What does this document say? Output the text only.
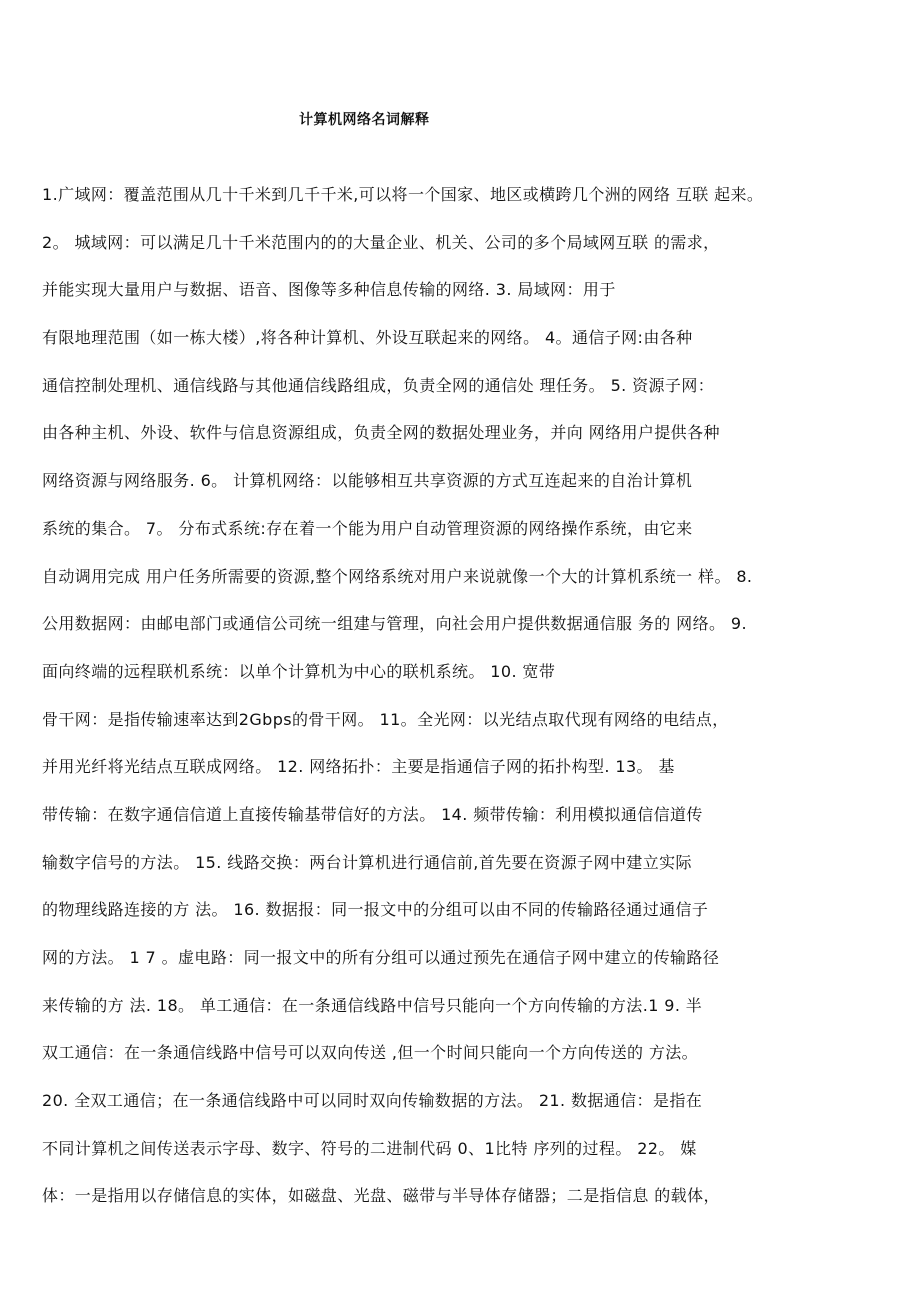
计算机网络名词解释
1.广域网：覆盖范围从几十千米到几千千米,可以将一个国家、地区或横跨几个洲的网络 互联 起来。
2。 城域网：可以满足几十千米范围内的的大量企业、机关、公司的多个局域网互联 的需求，
并能实现大量用户与数据、语音、图像等多种信息传输的网络. 3. 局域网：用于
有限地理范围（如一栋大楼）,将各种计算机、外设互联起来的网络。 4。通信子网:由各种
通信控制处理机、通信线路与其他通信线路组成，负责全网的通信处 理任务。 5. 资源子网：
由各种主机、外设、软件与信息资源组成，负责全网的数据处理业务，并向 网络用户提供各种
网络资源与网络服务. 6。 计算机网络：以能够相互共享资源的方式互连起来的自治计算机
系统的集合。 7。 分布式系统:存在着一个能为用户自动管理资源的网络操作系统，由它来
自动调用完成 用户任务所需要的资源,整个网络系统对用户来说就像一个大的计算机系统一 样。 8.
公用数据网：由邮电部门或通信公司统一组建与管理，向社会用户提供数据通信服 务的 网络。 9.
面向终端的远程联机系统：以单个计算机为中心的联机系统。 10. 宽带
骨干网：是指传输速率达到2Gbps的骨干网。 11。全光网：以光结点取代现有网络的电结点，
并用光纤将光结点互联成网络。 12. 网络拓扑：主要是指通信子网的拓扑构型. 13。 基
带传输：在数字通信信道上直接传输基带信好的方法。 14. 频带传输：利用模拟通信信道传
输数字信号的方法。 15. 线路交换：两台计算机进行通信前,首先要在资源子网中建立实际
的物理线路连接的方 法。 16. 数据报：同一报文中的分组可以由不同的传输路径通过通信子
网的方法。 1 7 。虚电路：同一报文中的所有分组可以通过预先在通信子网中建立的传输路径
来传输的方 法. 18。 单工通信：在一条通信线路中信号只能向一个方向传输的方法.1 9. 半
双工通信：在一条通信线路中信号可以双向传送 ,但一个时间只能向一个方向传送的 方法。
20. 全双工通信；在一条通信线路中可以同时双向传输数据的方法。 21. 数据通信：是指在
不同计算机之间传送表示字母、数字、符号的二进制代码 0、1比特 序列的过程。 22。 媒
体：一是指用以存储信息的实体，如磁盘、光盘、磁带与半导体存储器；二是指信息 的载体，
